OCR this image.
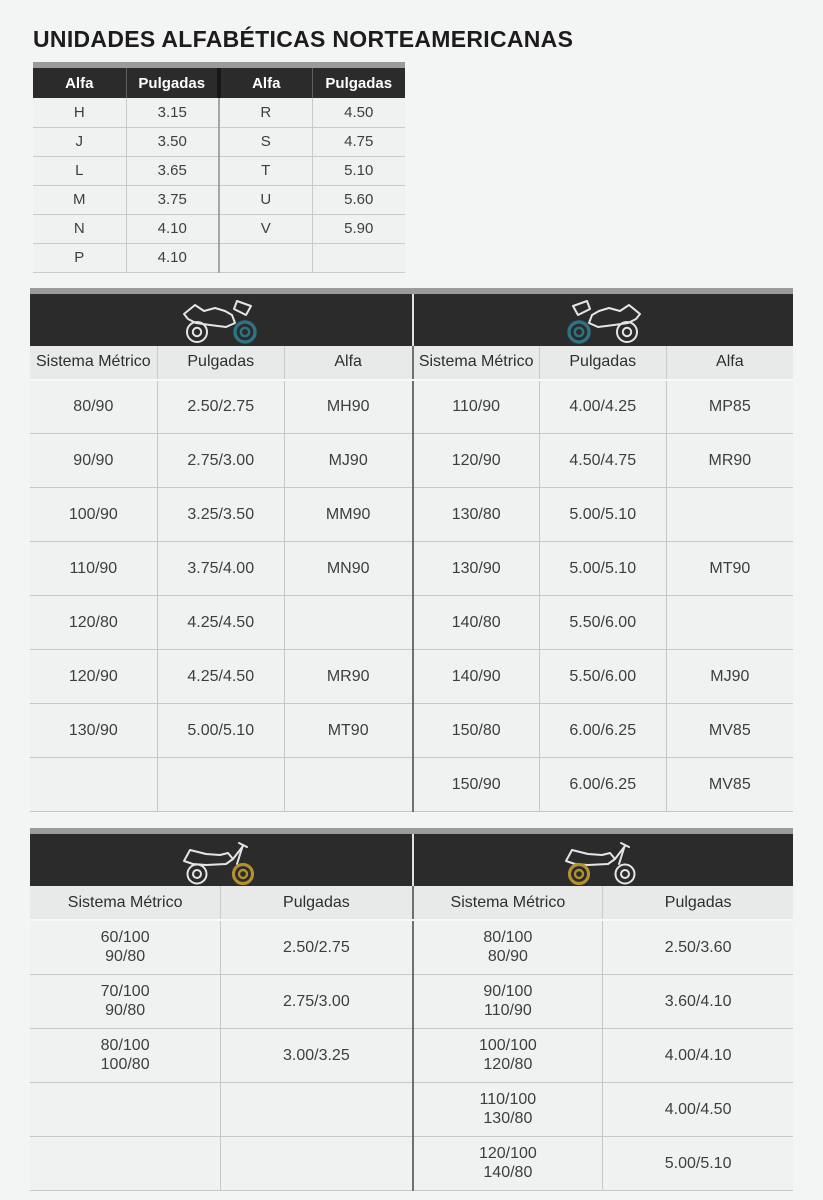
UNIDADES ALFABÉTICAS NORTEAMERICANAS
Alfa	Pulgadas	Alfa	Pulgadas
H	3.15	R	4.50
J	3.50	S	4.75
L	3.65	T	5.10
M	3.75	U	5.60
N	4.10	V	5.90
P	4.10		
Sistema Métrico	Pulgadas	Alfa
80/90	2.50/2.75	MH90
90/90	2.75/3.00	MJ90
100/90	3.25/3.50	MM90
110/90	3.75/4.00	MN90
120/80	4.25/4.50	
120/90	4.25/4.50	MR90
130/90	5.00/5.10	MT90

Sistema Métrico	Pulgadas	Alfa
110/90	4.00/4.25	MP85
120/90	4.50/4.75	MR90
130/80	5.00/5.10	
130/90	5.00/5.10	MT90
140/80	5.50/6.00	
140/90	5.50/6.00	MJ90
150/80	6.00/6.25	MV85
150/90	6.00/6.25	MV85
Sistema Métrico	Pulgadas

60/100
90/80	2.50/2.75

70/100
90/80	2.75/3.00

80/100
100/80	3.00/3.25

Sistema Métrico	Pulgadas

80/100
80/90	2.50/3.60

90/100
110/90	3.60/4.10

100/100
120/80	4.00/4.10

110/100
130/80	4.00/4.50

120/100
140/80	5.00/5.10
